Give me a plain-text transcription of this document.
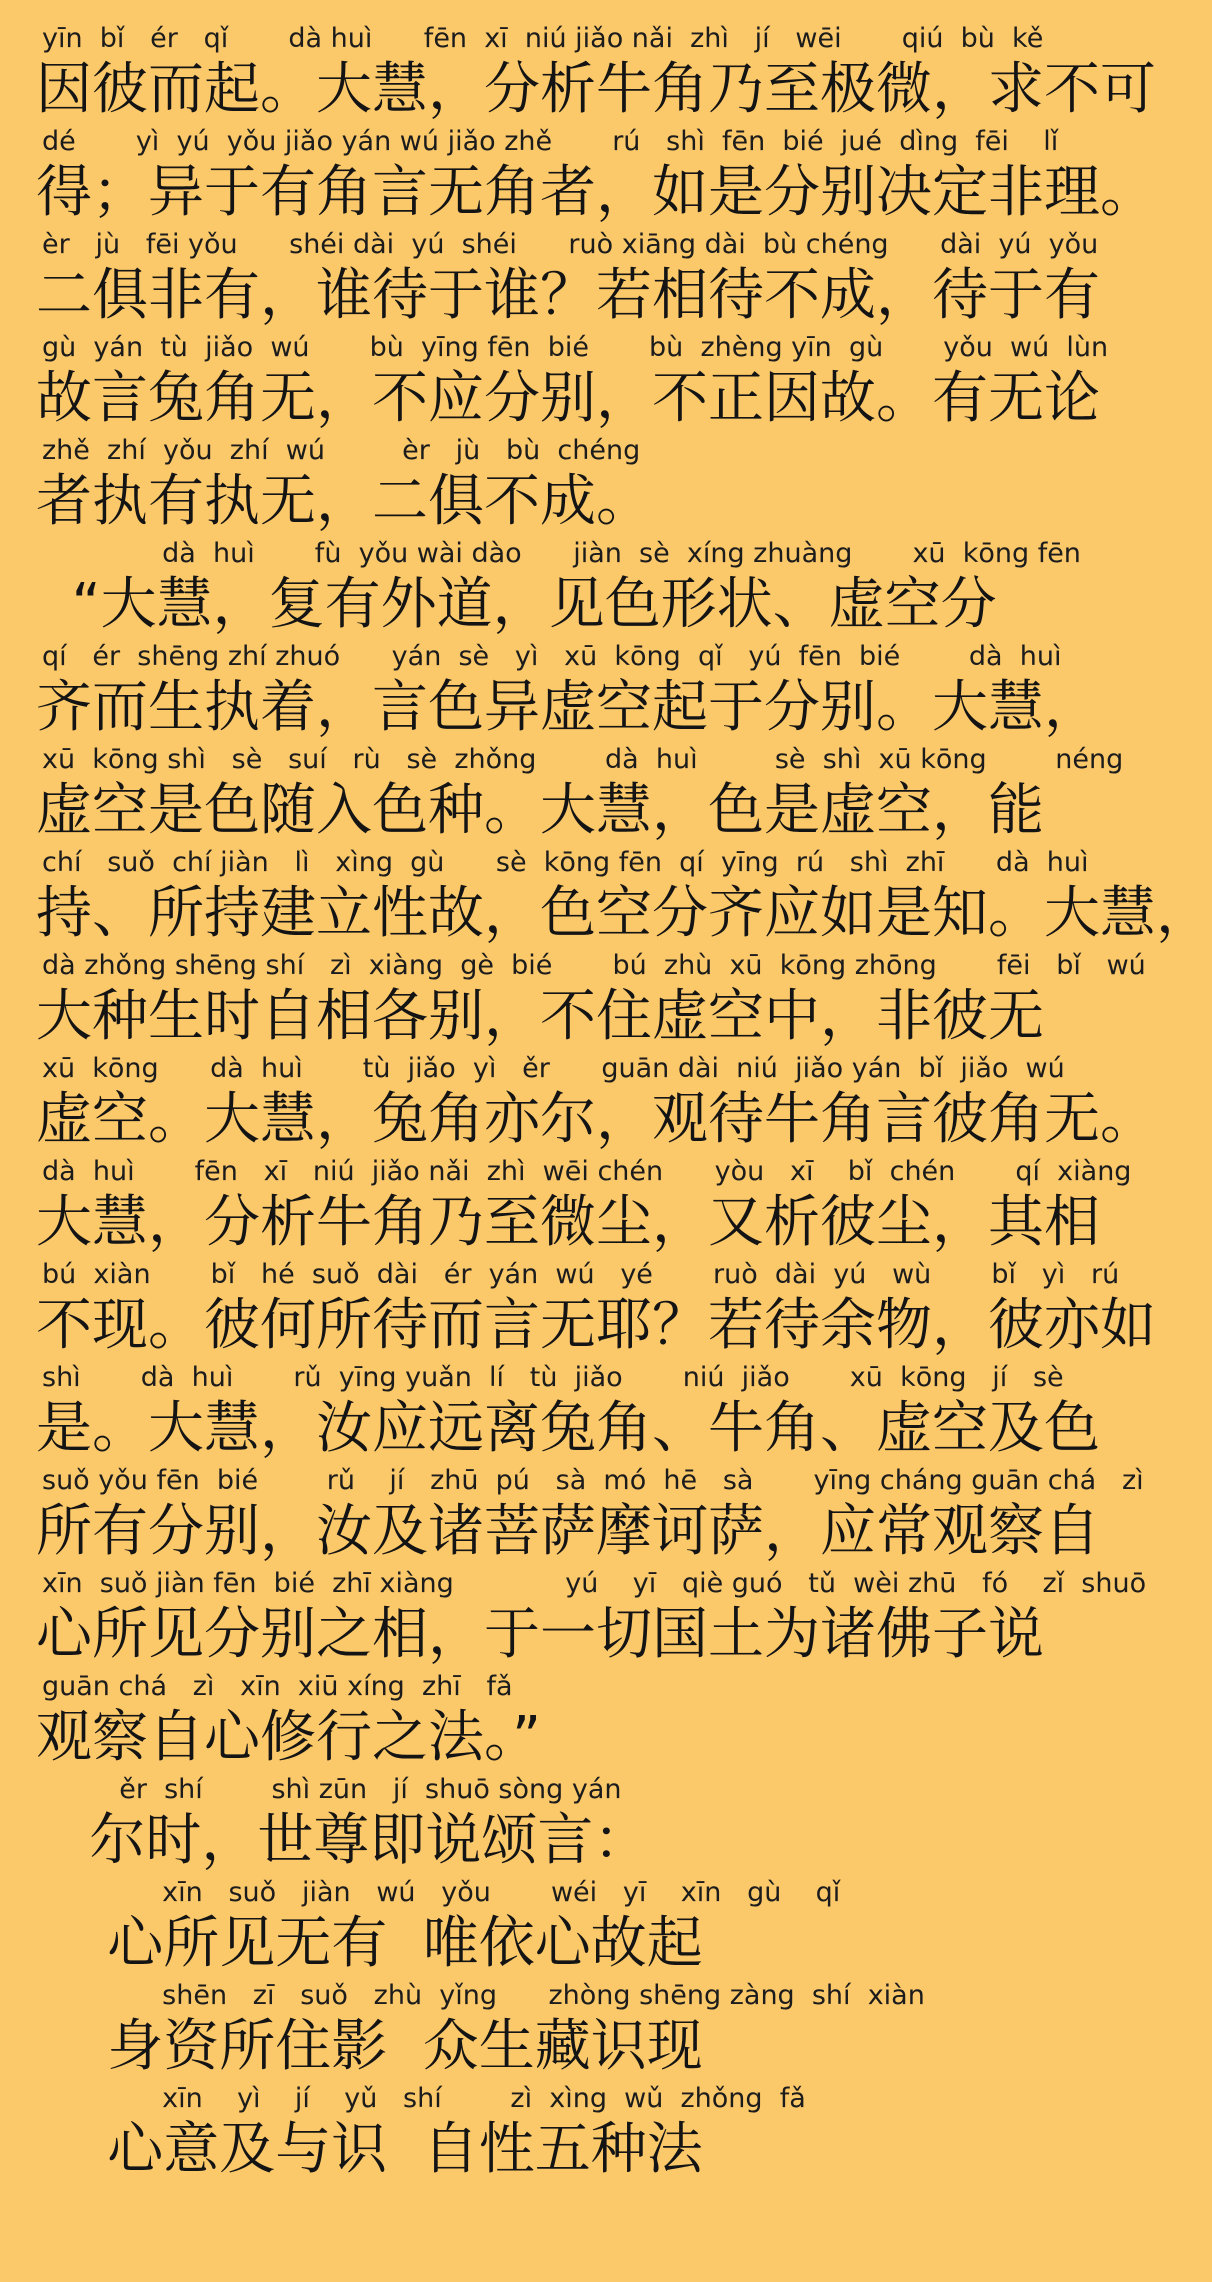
yīn  bǐ   ér   qǐ       dà huì      fēn  xī  niú jiǎo nǎi  zhì   jí   wēi       qiú  bù  kě
因彼而起。大慧，分析牛角乃至极微，求不可
dé       yì  yú  yǒu jiǎo yán wú jiǎo zhě       rú   shì  fēn  bié  jué  dìng  fēi    lǐ
得；异于有角言无角者，如是分别决定非理。
èr   jù   fēi yǒu      shéi dài  yú  shéi      ruò xiāng dài  bù chéng      dài  yú  yǒu
二俱非有，谁待于谁？若相待不成，待于有
gù  yán  tù  jiǎo  wú       bù  yīng fēn  bié       bù  zhèng yīn  gù       yǒu  wú  lùn
故言兔角无，不应分别，不正因故。有无论
zhě  zhí  yǒu  zhí  wú         èr   jù   bù  chéng
者执有执无，二俱不成。
dà  huì       fù  yǒu wài dào      jiàn  sè  xíng zhuàng       xū  kōng fēn
“大慧，复有外道，见色形状、虚空分
qí   ér  shēng zhí zhuó      yán  sè   yì   xū  kōng  qǐ   yú  fēn  bié        dà  huì
齐而生执着，言色异虚空起于分别。大慧，
xū  kōng shì   sè   suí   rù   sè  zhǒng        dà  huì         sè  shì  xū kōng        néng
虚空是色随入色种。大慧，色是虚空，能
chí   suǒ  chí jiàn   lì   xìng  gù      sè  kōng fēn  qí  yīng  rú   shì  zhī      dà  huì
持、所持建立性故，色空分齐应如是知。大慧，
dà zhǒng shēng shí   zì  xiàng  gè  bié       bú  zhù  xū  kōng zhōng       fēi   bǐ   wú
大种生时自相各别，不住虚空中，非彼无
xū  kōng      dà  huì       tù  jiǎo  yì   ěr      guān dài  niú  jiǎo yán  bǐ  jiǎo  wú
虚空。大慧，兔角亦尔，观待牛角言彼角无。
dà  huì       fēn   xī   niú  jiǎo nǎi  zhì  wēi chén      yòu   xī    bǐ  chén       qí  xiàng
大慧，分析牛角乃至微尘，又析彼尘，其相
bú  xiàn       bǐ   hé  suǒ  dài   ér  yán  wú   yé       ruò  dài  yú   wù       bǐ   yì   rú
不现。彼何所待而言无耶？若待余物，彼亦如
shì       dà  huì       rǔ  yīng yuǎn  lí   tù  jiǎo       niú  jiǎo       xū  kōng   jí   sè
是。大慧，汝应远离兔角、牛角、虚空及色
suǒ yǒu fēn  bié        rǔ    jí   zhū  pú   sà  mó  hē   sà       yīng cháng guān chá   zì
所有分别，汝及诸菩萨摩诃萨，应常观察自
xīn  suǒ jiàn fēn  bié  zhī xiàng             yú    yī   qiè guó   tǔ  wèi zhū   fó    zǐ  shuō
心所见分别之相，于一切国土为诸佛子说
guān chá   zì   xīn  xiū xíng  zhī   fǎ
观察自心修行之法。”
ěr  shí        shì zūn   jí  shuō sòng yán
尔时，世尊即说颂言：
xīn   suǒ   jiàn   wú   yǒu       wéi   yī    xīn   gù    qǐ
心所见无有  唯依心故起
shēn   zī   suǒ   zhù  yǐng      zhòng shēng zàng  shí  xiàn
身资所住影  众生藏识现
xīn    yì    jí    yǔ   shí        zì  xìng  wǔ  zhǒng  fǎ
心意及与识  自性五种法
